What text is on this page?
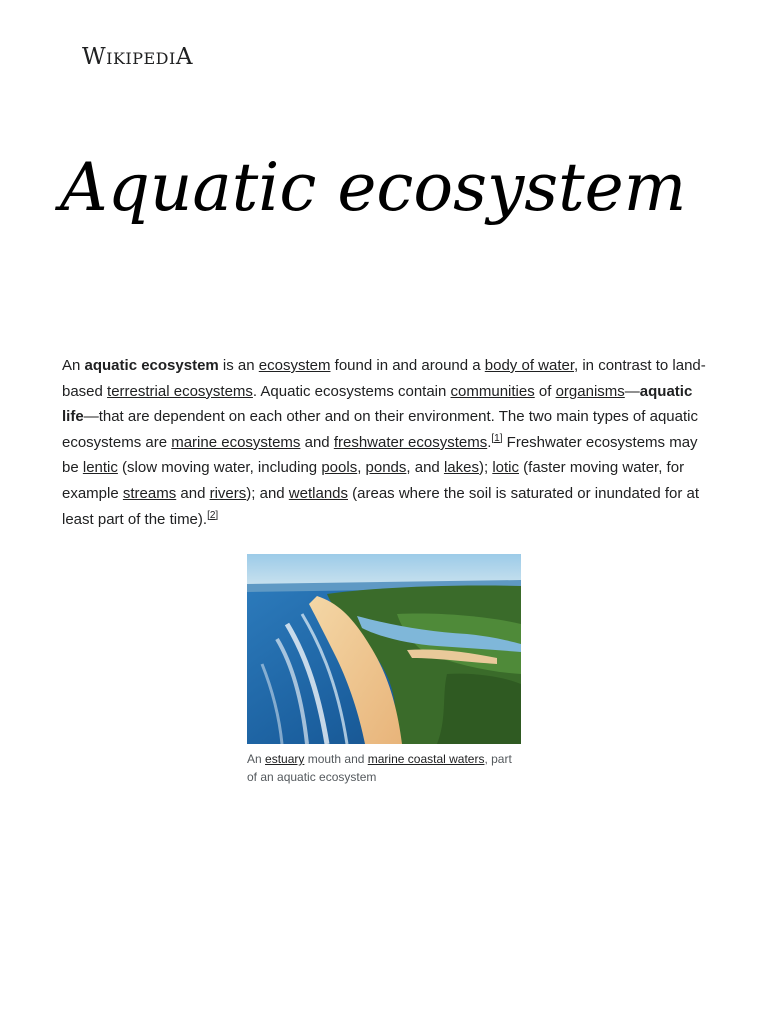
WIKIPEDIA
Aquatic ecosystem

An aquatic ecosystem is an ecosystem found in and around a body of water, in contrast to land-based terrestrial ecosystems. Aquatic ecosystems contain communities of organisms—aquatic life—that are dependent on each other and on their environment. The two main types of aquatic ecosystems are marine ecosystems and freshwater ecosystems.[1] Freshwater ecosystems may be lentic (slow moving water, including pools, ponds, and lakes); lotic (faster moving water, for example streams and rivers); and wetlands (areas where the soil is saturated or inundated for at least part of the time).[2]

An estuary mouth and marine coastal waters, part of an aquatic ecosystem
